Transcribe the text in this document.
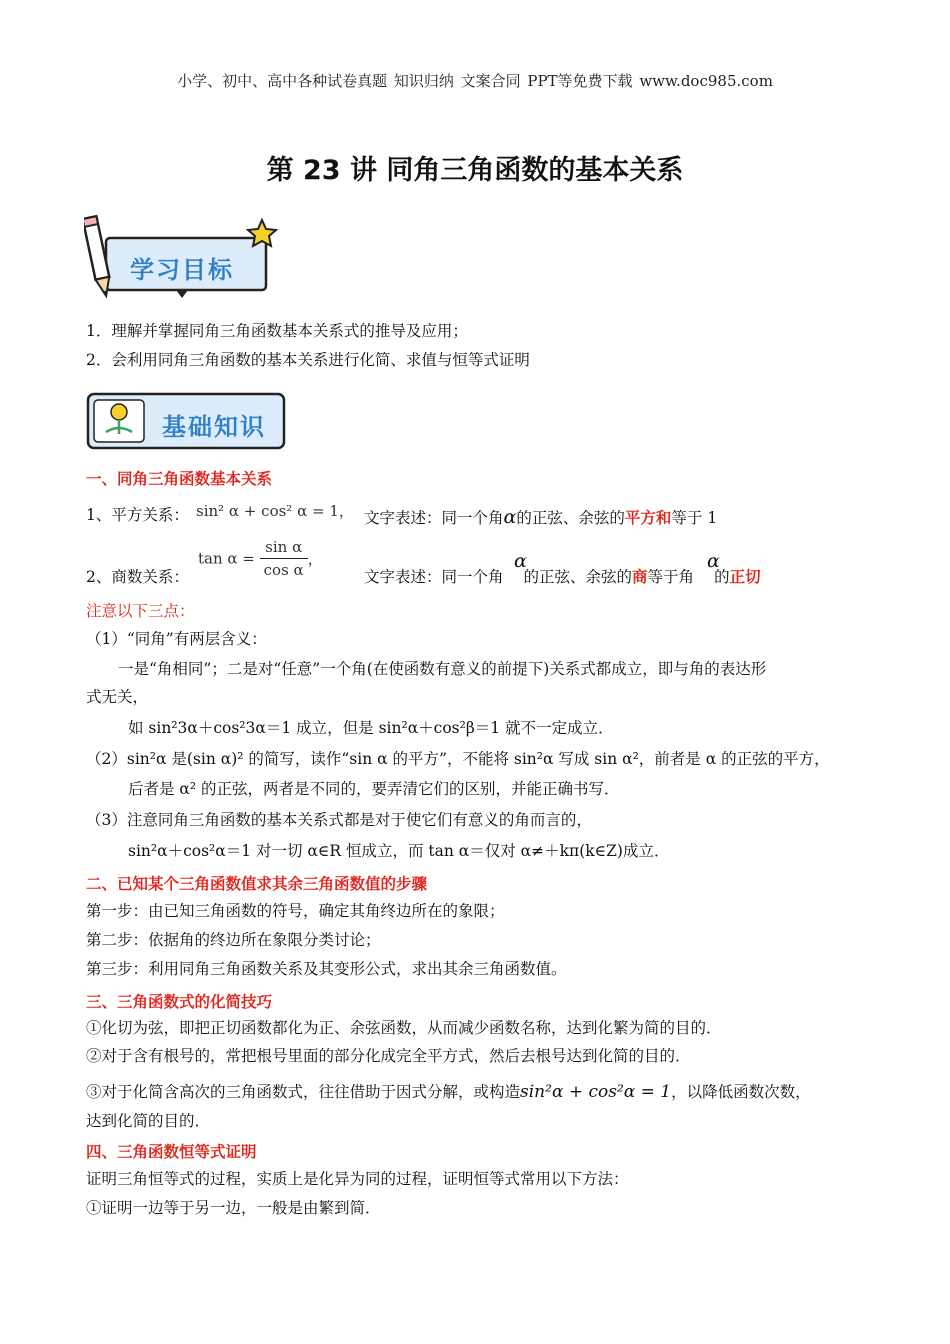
小学、初中、高中各种试卷真题 知识归纳 文案合同 PPT等免费下载 www.doc985.com
第 23 讲 同角三角函数的基本关系
学习目标
1．理解并掌握同角三角函数基本关系式的推导及应用；
2．会利用同角三角函数的基本关系进行化简、求值与恒等式证明
基础知识
一、同角三角函数基本关系
1、平方关系： sin² α + cos² α = 1， 文字表述：同一个角α的正弦、余弦的平方和等于 1
2、商数关系：
$\tan \alpha = \frac{\text{sin α}}{\text{cos α}}$ ，
文字表述：同一个角 的正弦、余弦的商等于角 的正切
α	α
注意以下三点：
（1）“同角”有两层含义：
一是“角相同”；二是对“任意”一个角(在使函数有意义的前提下)关系式都成立，即与角的表达形
式无关，
如 sin²3α＋cos²3α＝1 成立，但是 sin²α＋cos²β＝1 就不一定成立．
（2）sin²α 是(sin α)² 的简写，读作“sin α 的平方”，不能将 sin²α 写成 sin α²，前者是 α 的正弦的平方，
后者是 α² 的正弦，两者是不同的，要弄清它们的区别，并能正确书写．
（3）注意同角三角函数的基本关系式都是对于使它们有意义的角而言的，
sin²α＋cos²α＝1 对一切 α∈R 恒成立，而 tan α＝仅对 α≠＋kπ(k∈Z)成立．
二、已知某个三角函数值求其余三角函数值的步骤
第一步：由已知三角函数的符号，确定其角终边所在的象限；
第二步：依据角的终边所在象限分类讨论；
第三步：利用同角三角函数关系及其变形公式，求出其余三角函数值。
三、三角函数式的化简技巧
①化切为弦，即把正切函数都化为正、余弦函数，从而减少函数名称，达到化繁为简的目的．
②对于含有根号的，常把根号里面的部分化成完全平方式，然后去根号达到化简的目的．
③对于化简含高次的三角函数式，往往借助于因式分解，或构造sin²α + cos²α = 1，以降低函数次数，
达到化简的目的．
四、三角函数恒等式证明
证明三角恒等式的过程，实质上是化异为同的过程，证明恒等式常用以下方法：
①证明一边等于另一边，一般是由繁到简．
